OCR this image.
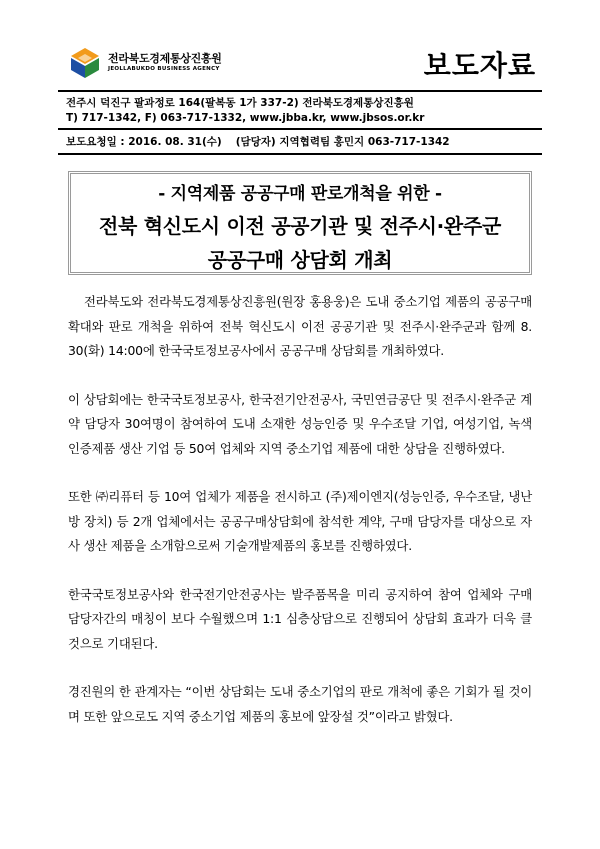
전라북도경제통상진흥원
JEOLLABUKDO BUSINESS AGENCY	보도자료
전주시 덕진구 팔과정로 164(팔복동 1가 337-2) 전라북도경제통상진흥원
T) 717-1342, F) 063-717-1332, www.jbba.kr, www.jbsos.or.kr
보도요청일 : 2016. 08. 31(수) (담당자) 지역협력팀 홍민지 063-717-1342
- 지역제품 공공구매 판로개척을 위한 -
전북 혁신도시 이전 공공기관 및 전주시·완주군
공공구매 상담회 개최

전라북도와 전라북도경제통상진흥원(원장 홍용웅)은 도내 중소기업 제품의 공공구매 확대와 판로 개척을 위하여 전북 혁신도시 이전 공공기관 및 전주시·완주군과 함께 8. 30(화) 14:00에 한국국토정보공사에서 공공구매 상담회를 개최하였다.

이 상담회에는 한국국토정보공사, 한국전기안전공사, 국민연금공단 및 전주시·완주군 계약 담당자 30여명이 참여하여 도내 소재한 성능인증 및 우수조달 기업, 여성기업, 녹색인증제품 생산 기업 등 50여 업체와 지역 중소기업 제품에 대한 상담을 진행하였다.

또한 ㈜리퓨터 등 10여 업체가 제품을 전시하고 (주)제이엔지(성능인증, 우수조달, 냉난방 장치) 등 2개 업체에서는 공공구매상담회에 참석한 계약, 구매 담당자를 대상으로 자사 생산 제품을 소개함으로써 기술개발제품의 홍보를 진행하였다.

한국국토정보공사와 한국전기안전공사는 발주품목을 미리 공지하여 참여 업체와 구매 담당자간의 매칭이 보다 수월했으며 1:1 심층상담으로 진행되어 상담회 효과가 더욱 클 것으로 기대된다.

경진원의 한 관계자는 “이번 상담회는 도내 중소기업의 판로 개척에 좋은 기회가 될 것이며 또한 앞으로도 지역 중소기업 제품의 홍보에 앞장설 것”이라고 밝혔다.
